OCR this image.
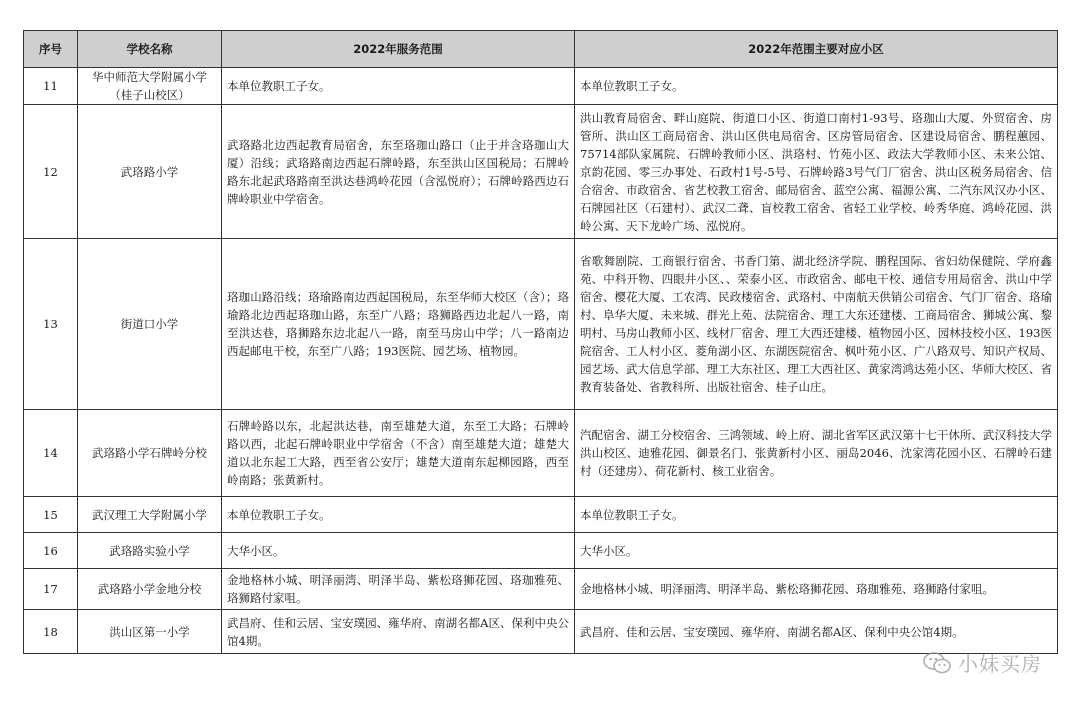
序号	学校名称	2022年服务范围	2022年范围主要对应小区
11	华中师范大学附属小学（桂子山校区）	本单位教职工子女。	本单位教职工子女。
12	武珞路小学	武珞路北边西起教育局宿舍，东至珞珈山路口（止于并含珞珈山大厦）沿线；武珞路南边西起石牌岭路，东至洪山区国税局；石牌岭路东北起武珞路南至洪达巷鸿岭花园（含泓悦府）；石牌岭路西边石牌岭职业中学宿舍。	洪山教育局宿舍、畔山庭院、街道口小区、街道口南村1-93号、珞珈山大厦、外贸宿舍、房管所、洪山区工商局宿舍、洪山区供电局宿舍、区房管局宿舍、区建设局宿舍、鹏程蕙园、75714部队家属院、石牌岭教师小区、洪珞村、竹苑小区、政法大学教师小区、未来公馆、京韵花园、零三办事处、石政村1号-5号、石牌岭路3号气门厂宿舍、洪山区税务局宿舍、信合宿舍、市政宿舍、省艺校教工宿舍、邮局宿舍、蓝空公寓、福源公寓、二汽东风汉办小区、石牌园社区（石建村）、武汉二聋、盲校教工宿舍、省轻工业学校、岭秀华庭、鸿岭花园、洪岭公寓、天下龙岭广场、泓悦府。
13	街道口小学	珞珈山路沿线；珞瑜路南边西起国税局，东至华师大校区（含）；珞瑜路北边西起珞珈山路，东至广八路；珞狮路西边北起八一路，南至洪达巷，珞狮路东边北起八一路，南至马房山中学；八一路南边西起邮电干校，东至广八路；193医院、园艺场、植物园。	省歌舞剧院、工商银行宿舍、书香门第、湖北经济学院、鹏程国际、省妇幼保健院、学府鑫苑、中科开物、四眼井小区、、荣泰小区、市政宿舍、邮电干校、通信专用局宿舍、洪山中学宿舍、樱花大厦、工农湾、民政楼宿舍、武珞村、中南航天供销公司宿舍、气门厂宿舍、珞瑜村、阜华大厦、未来城、群光上苑、法院宿舍、理工大东还建楼、工商局宿舍、狮城公寓、黎明村、马房山教师小区、线材厂宿舍、理工大西还建楼、植物园小区、园林技校小区、193医院宿舍、工人村小区、菱角湖小区、东湖医院宿舍、枫叶苑小区、广八路双号、知识产权局、园艺场、武大信息学部、理工大东社区、理工大西社区、黄家湾鸿达苑小区、华师大校区、省教育装备处、省教科所、出版社宿舍、桂子山庄。
14	武珞路小学石牌岭分校	石牌岭路以东，北起洪达巷，南至雄楚大道，东至工大路；石牌岭路以西，北起石牌岭职业中学宿舍（不含）南至雄楚大道；雄楚大道以北东起工大路，西至省公安厅；雄楚大道南东起柳园路，西至岭南路；张黄新村。	汽配宿舍、湖工分校宿舍、三鸿领域、岭上府、湖北省军区武汉第十七干休所、武汉科技大学洪山校区、迪雅花园、御景名门、张黄新村小区、丽岛2046、沈家湾花园小区、石牌岭石建村（还建房）、荷花新村、核工业宿舍。
15	武汉理工大学附属小学	本单位教职工子女。	本单位教职工子女。
16	武珞路实验小学	大华小区。	大华小区。
17	武珞路小学金地分校	金地格林小城、明泽丽湾、明泽半岛、紫松珞狮花园、珞珈雅苑、珞狮路付家咀。	金地格林小城、明泽丽湾、明泽半岛、紫松珞狮花园、珞珈雅苑、珞狮路付家咀。
18	洪山区第一小学	武昌府、佳和云居、宝安璞园、雍华府、南湖名都A区、保利中央公馆4期。	武昌府、佳和云居、宝安璞园、雍华府、南湖名都A区、保利中央公馆4期。
小妹买房
